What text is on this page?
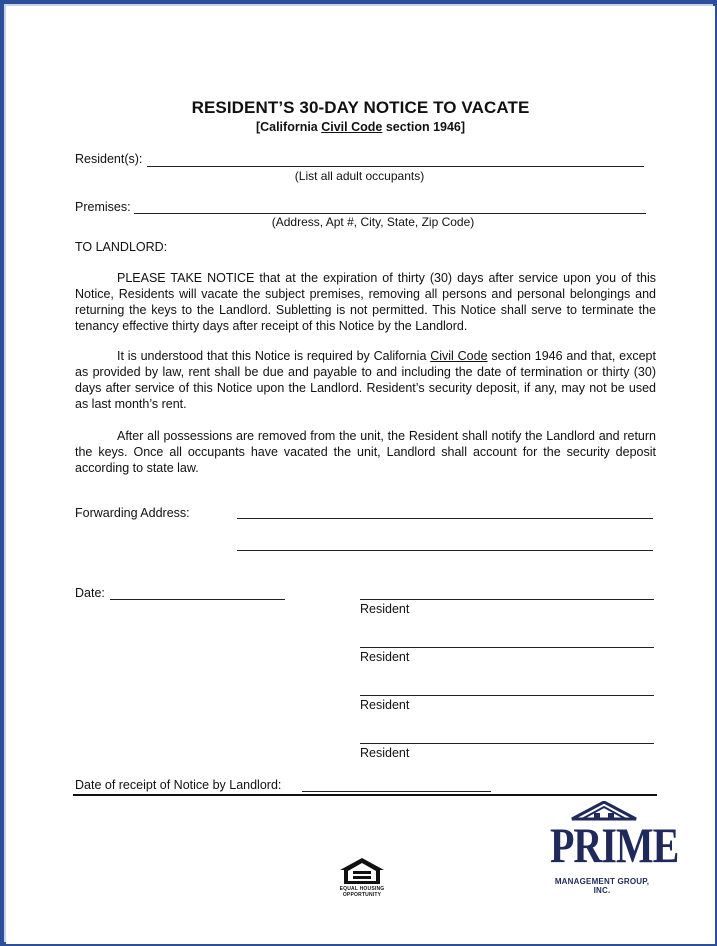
RESIDENT’S 30-DAY NOTICE TO VACATE
[California Civil Code section 1946]
Resident(s):
(List all adult occupants)
Premises:
(Address, Apt #, City, State, Zip Code)
TO LANDLORD:
PLEASE TAKE NOTICE that at the expiration of thirty (30) days after service upon you of this Notice, Residents will vacate the subject premises, removing all persons and personal belongings and returning the keys to the Landlord. Subletting is not permitted. This Notice shall serve to terminate the tenancy effective thirty days after receipt of this Notice by the Landlord.
It is understood that this Notice is required by California Civil Code section 1946 and that, except as provided by law, rent shall be due and payable to and including the date of termination or thirty (30) days after service of this Notice upon the Landlord. Resident’s security deposit, if any, may not be used as last month’s rent.
After all possessions are removed from the unit, the Resident shall notify the Landlord and return the keys. Once all occupants have vacated the unit, Landlord shall account for the security deposit according to state law.
Forwarding Address:
Date:
Resident
Resident
Resident
Resident
Date of receipt of Notice by Landlord:
EQUAL HOUSING
OPPORTUNITY
PRIME
MANAGEMENT GROUP, INC.
